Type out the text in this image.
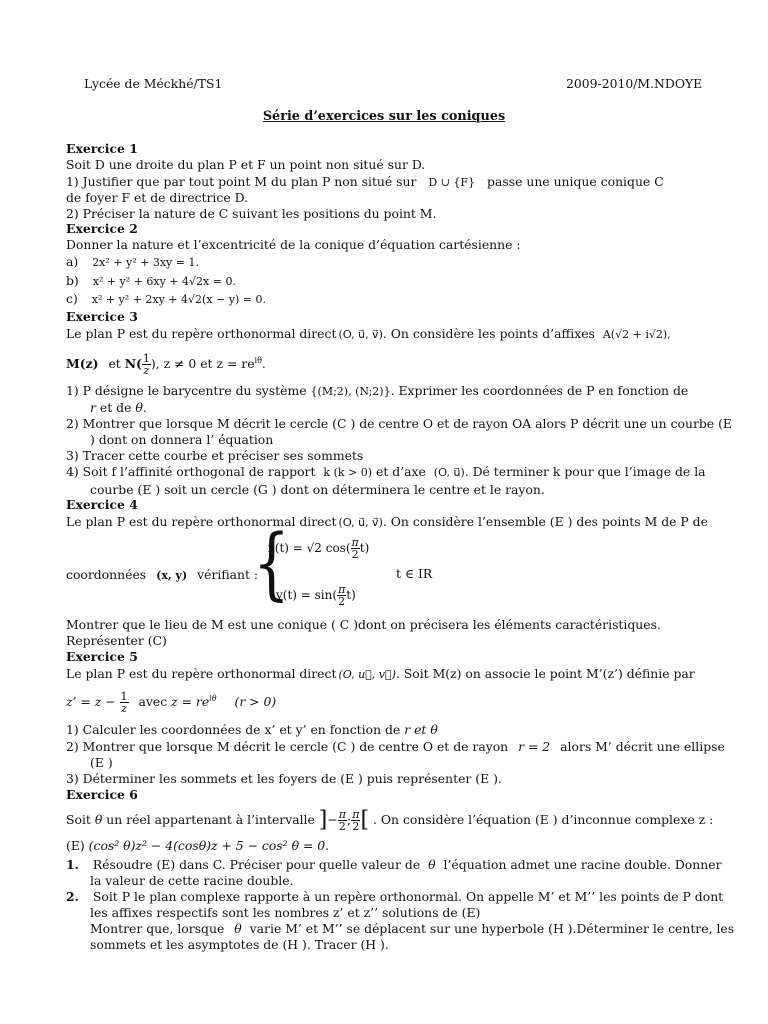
Lycée de Méckhé/TS1	2009-2010/M.NDOYE
Série d’exercices sur les coniques
Exercice 1
Soit D une droite du plan P et F un point non situé sur D.
1) Justifier que par tout point M du plan P non situé sur D ∪ {F} passe une unique conique C
de foyer F et de directrice D.
2) Préciser la nature de C suivant les positions du point M.
Exercice 2
Donner la nature et l’excentricité de la conique d’équation cartésienne :
a) 2x² + y² + 3xy = 1.
b) x² + y² + 6xy + 4√2x = 0.
c) x² + y² + 2xy + 4√2(x − y) = 0.
Exercice 3
Le plan P est du repère orthonormal direct (O, u⃗, v⃗). On considère les points d’affixes A(√2 + i√2),
M(z) et $N( \frac{1}{z}$ ), z ≠ 0 et $z = re^{i\theta}$.
1) P désigne le barycentre du système {(M;2), (N;2)}. Exprimer les coordonnées de P en fonction de
r et de θ.
2) Montrer que lorsque M décrit le cercle (C ) de centre O et de rayon OA alors P décrit une un courbe (E
) dont on donnera l’ équation
3) Tracer cette courbe et préciser ses sommets
4) Soit f l’affinité orthogonal de rapport k (k > 0) et d’axe (O, u⃗). Dé terminer k pour que l’image de la
courbe (E ) soit un cercle (G ) dont on déterminera le centre et le rayon.
Exercice 4
Le plan P est du repère orthonormal direct (O, u⃗, v⃗). On considère l’ensemble (E ) des points M de P de
coordonnées (x, y) vérifiant :
{
x(t) = √2 $\cos( \frac{\pi}{2} t)$
$y(t) = \sin( \frac{\pi}{2} t)$
t ∈ IR
Montrer que le lieu de M est une conique ( C )dont on précisera les éléments caractéristiques.
Représenter (C)
Exercice 5
Le plan P est du repère orthonormal direct (O, u⃗, v⃗). Soit M(z) on associe le point M’(z’) définie par
z’ = $z - \frac{1}{z}$ avec $z = re^{i\theta}$ (r > 0)
1) Calculer les coordonnées de x’ et y’ en fonction de r et θ
2) Montrer que lorsque M décrit le cercle (C ) de centre O et de rayon r = 2 alors M’ décrit une ellipse
(E )
3) Déterminer les sommets et les foyers de (E ) puis représenter (E ).
Exercice 6
Soit θ un réel appartenant à l’intervalle ]− $\frac{\pi}{2}$ ; $\frac{\pi}{2}$ [ . On considère l’équation (E ) d’inconnue complexe z :
(E) (cos² θ)z² − 4(cosθ)z + 5 − cos² θ = 0.
1. Résoudre (E) dans C. Préciser pour quelle valeur de θ l’équation admet une racine double. Donner
la valeur de cette racine double.
2. Soit P le plan complexe rapporte à un repère orthonormal. On appelle M’ et M’’ les points de P dont
les affixes respectifs sont les nombres z’ et z’’ solutions de (E)
Montrer que, lorsque θ varie M’ et M’’ se déplacent sur une hyperbole (H ).Déterminer le centre, les
sommets et les asymptotes de (H ). Tracer (H ).
